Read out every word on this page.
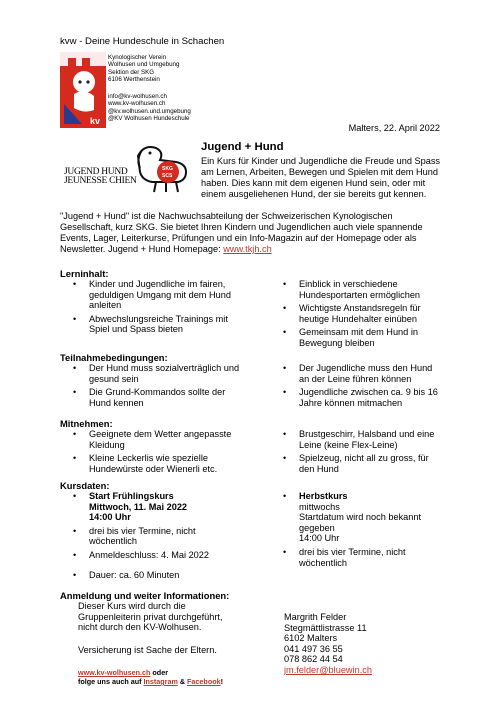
kvw - Deine Hundeschule in Schachen
kv
Kynologischer Verein
Wolhusen und Umgebung
Sektion der SKG
6106 Werthenstein
info@kv-wolhusen.ch
www.kv-wolhusen.ch
@kv.wolhusen.und.umgebung
@KV Wolhusen Hundeschule
Malters, 22. April 2022
SKG
SCS
JUGEND HUND
JEUNESSE CHIEN
Jugend + Hund
Ein Kurs für Kinder und Jugendliche die Freude und Spass am Lernen, Arbeiten, Bewegen und Spielen mit dem Hund haben. Dies kann mit dem eigenen Hund sein, oder mit einem ausgeliehenen Hund, der sie bereits gut kennen.
"Jugend + Hund" ist die Nachwuchsabteilung der Schweizerischen Kynologischen Gesellschaft, kurz SKG. Sie bietet Ihren Kindern und Jugendlichen auch viele spannende Events, Lager, Leiterkurse, Prüfungen und ein Info-Magazin auf der Homepage oder als Newsletter. Jugend + Hund Homepage: www.tkjh.ch
Lerninhalt:
• Kinder und Jugendliche im fairen, geduldigen Umgang mit dem Hund anleiten
• Abwechslungsreiche Trainings mit Spiel und Spass bieten
• Einblick in verschiedene Hundesportarten ermöglichen
• Wichtigste Anstandsregeln für heutige Hundehalter einüben
• Gemeinsam mit dem Hund in Bewegung bleiben
Teilnahmebedingungen:
• Der Hund muss sozialverträglich und gesund sein
• Die Grund-Kommandos sollte der Hund kennen
• Der Jugendliche muss den Hund an der Leine führen können
• Jugendliche zwischen ca. 9 bis 16 Jahre können mitmachen
Mitnehmen:
• Geeignete dem Wetter angepasste Kleidung
• Kleine Leckerlis wie spezielle Hundewürste oder Wienerli etc.
• Brustgeschirr, Halsband und eine Leine (keine Flex-Leine)
• Spielzeug, nicht all zu gross, für den Hund
Kursdaten:
• Start Frühlingskurs
Mittwoch, 11. Mai 2022
14:00 Uhr
• drei bis vier Termine, nicht wöchentlich
• Anmeldeschluss: 4. Mai 2022
• Dauer: ca. 60 Minuten
• Herbstkurs
mittwochs
Startdatum wird noch bekannt gegeben
14:00 Uhr
• drei bis vier Termine, nicht wöchentlich
Anmeldung und weiter Informationen:
Dieser Kurs wird durch die Gruppenleiterin privat durchgeführt, nicht durch den KV-Wolhusen.
Versicherung ist Sache der Eltern.
Margrith Felder
Stegmättlistrasse 11
6102 Malters
041 497 36 55
078 862 44 54
jm.felder@bluewin.ch
www.kv-wolhusen.ch oder
folge uns auch auf Instagram & Facebook!
